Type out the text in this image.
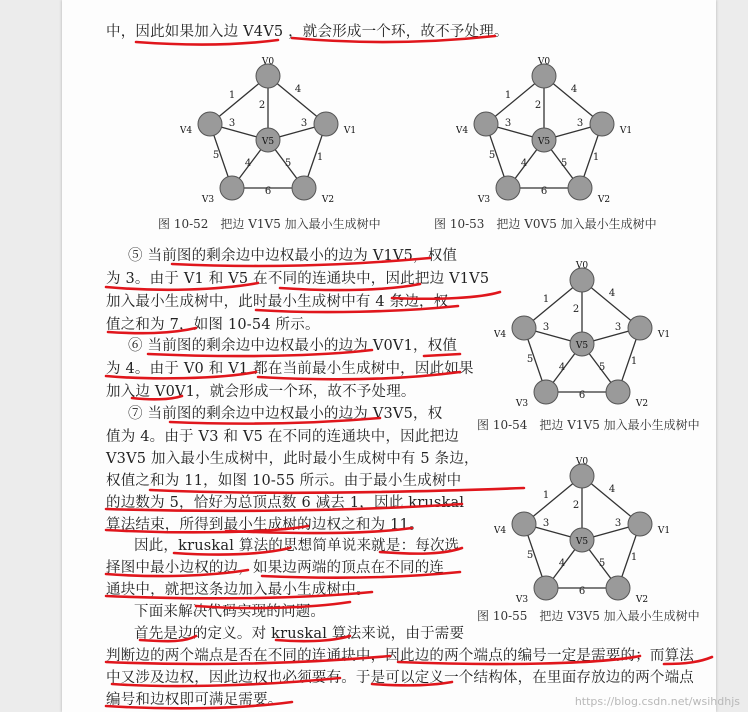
中，因此如果加入边 V4V5 ，就会形成一个环，故不予处理。
⑤ 当前图的剩余边中边权最小的边为 V1V5，权值
为 3。由于 V1 和 V5 在不同的连通块中，因此把边 V1V5
加入最小生成树中，此时最小生成树中有 4 条边，权
值之和为 7，如图 10-54 所示。
⑥ 当前图的剩余边中边权最小的边为 V0V1，权值
为 4。由于 V0 和 V1 都在当前最小生成树中，因此如果
加入边 V0V1，就会形成一个环，故不予处理。
⑦ 当前图的剩余边中边权最小的边为 V3V5，权
值为 4。由于 V3 和 V5 在不同的连通块中，因此把边
V3V5 加入最小生成树中，此时最小生成树中有 5 条边，
权值之和为 11，如图 10-55 所示。由于最小生成树中
的边数为 5，恰好为总顶点数 6 减去 1，因此 kruskal
算法结束，所得到最小生成树的边权之和为 11。
因此，kruskal 算法的思想简单说来就是：每次选
择图中最小边权的边，如果边两端的顶点在不同的连
通块中，就把这条边加入最小生成树中。
下面来解决代码实现的问题。
首先是边的定义。对 kruskal 算法来说，由于需要
判断边的两个端点是否在不同的连通块中，因此边的两个端点的编号一定是需要的；而算法
中又涉及边权，因此边权也必须要有。于是可以定义一个结构体，在里面存放边的两个端点
编号和边权即可满足需要。
4
1
2
3
1
5
6
4
5
3
V0
V1
V2
V3
V4
V5
4
1
2
3
1
5
6
4
5
3
V0
V1
V2
V3
V4
V5
4
1
2
3
1
5
6
4
5
3
V0
V1
V2
V3
V4
V5
4
1
2
3
1
5
6
4
5
3
V0
V1
V2
V3
V4
V5
图 10-52　把边 V1V5 加入最小生成树中	图 10-53　把边 V0V5 加入最小生成树中
图 10-54　把边 V1V5 加入最小生成树中
图 10-55　把边 V3V5 加入最小生成树中
https://blog.csdn.net/wsihdhjs
